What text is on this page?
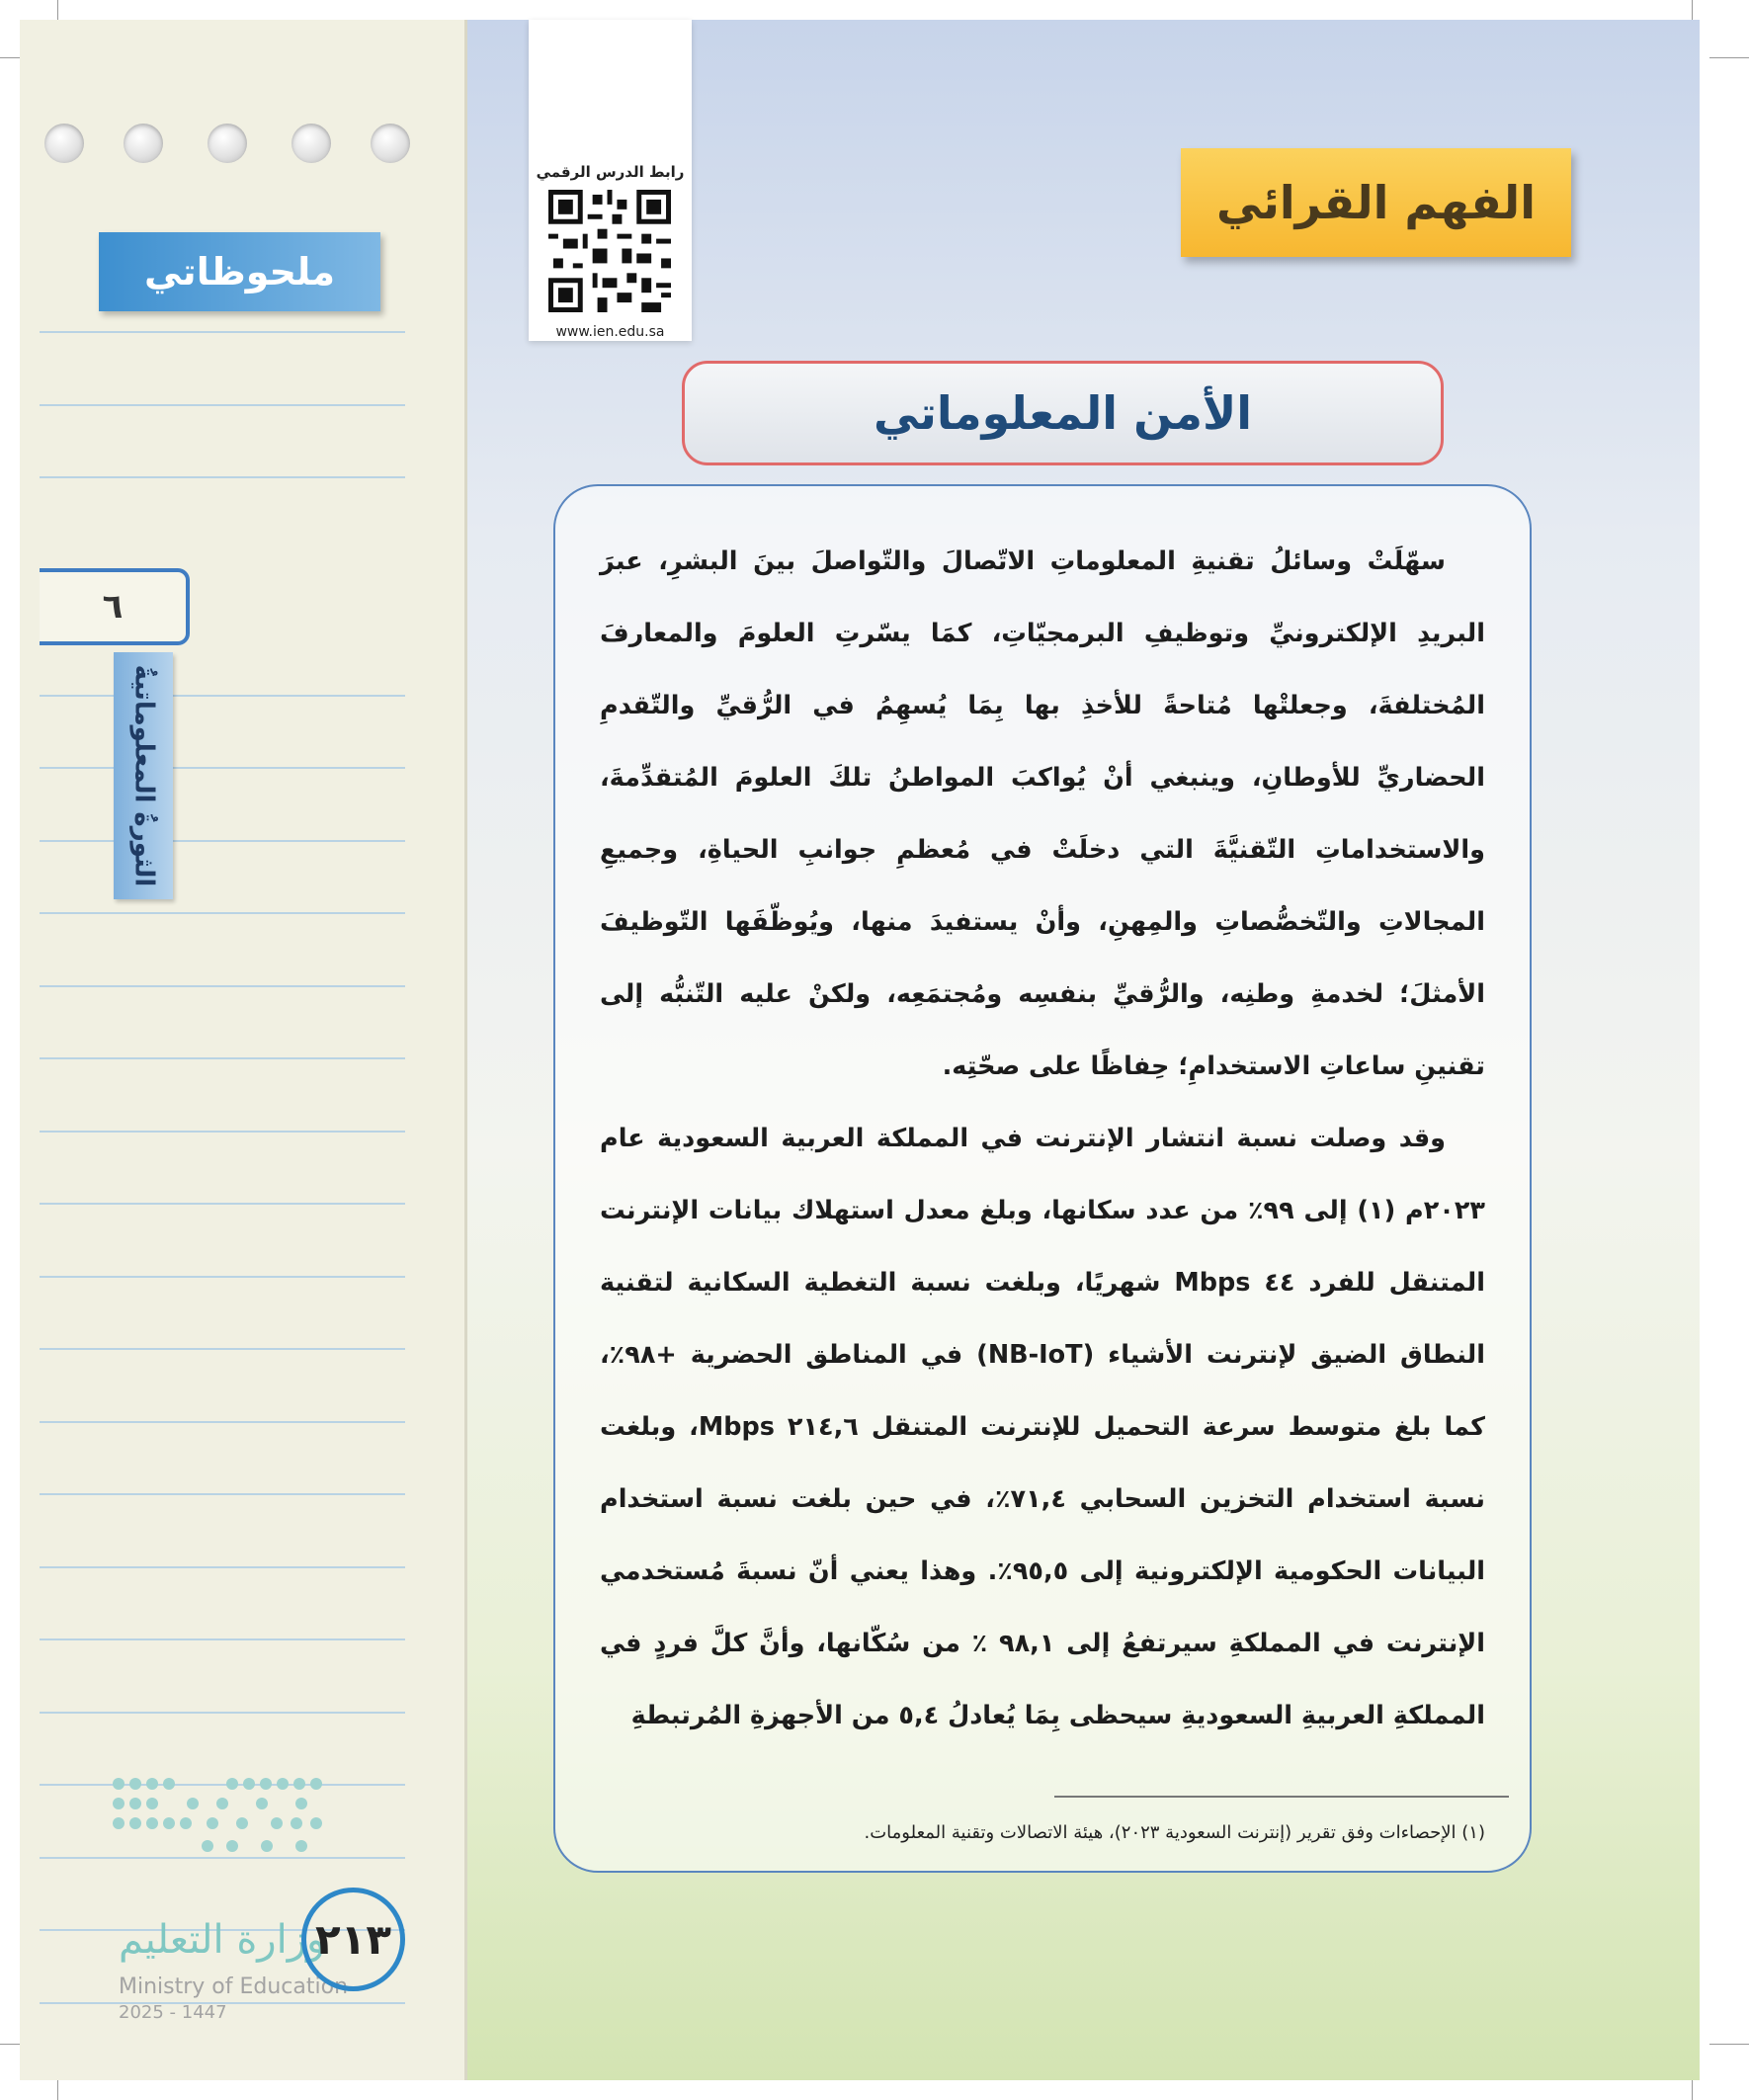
ملحوظاتي
٦
الثورةُ المعلوماتيةُ
وزارة التعليم
Ministry of Education
2025 - 1447
٢١٣
رابط الدرس الرقمي
www.ien.edu.sa
الفهم القرائي
الأمن المعلوماتي

سهّلَتْ وسائلُ تقنيةِ المعلوماتِ الاتّصالَ والتّواصلَ بينَ البشرِ، عبرَ البريدِ الإلكترونيِّ وتوظيفِ البرمجيّاتِ، كمَا يسّرتِ العلومَ والمعارفَ المُختلفةَ، وجعلتْها مُتاحةً للأخذِ بها بِمَا يُسهِمُ في الرُّقيِّ والتّقدمِ الحضاريِّ للأوطانِ، وينبغي أنْ يُواكبَ المواطنُ تلكَ العلومَ المُتقدِّمةَ، والاستخداماتِ التّقنيَّةَ التي دخلَتْ في مُعظمِ جوانبِ الحياةِ، وجميعِ المجالاتِ والتّخصُّصاتِ والمِهنِ، وأنْ يستفيدَ منها، ويُوظّفَها التّوظيفَ الأمثلَ؛ لخدمةِ وطنِه، والرُّقيِّ بنفسِه ومُجتمَعِه، ولكنْ عليه التّنبُّه إلى تقنينِ ساعاتِ الاستخدامِ؛ حِفاظًا على صحّتِه.

وقد وصلت نسبة انتشار الإنترنت في المملكة العربية السعودية عام ٢٠٢٣م (١) إلى ٩٩٪ من عدد سكانها، وبلغ معدل استهلاك بيانات الإنترنت المتنقل للفرد ٤٤ Mbps شهريًا، وبلغت نسبة التغطية السكانية لتقنية النطاق الضيق لإنترنت الأشياء (NB-IoT) في المناطق الحضرية +٩٨٪، كما بلغ متوسط سرعة التحميل للإنترنت المتنقل ٢١٤,٦ Mbps، وبلغت نسبة استخدام التخزين السحابي ٧١,٤٪، في حين بلغت نسبة استخدام البيانات الحكومية الإلكترونية إلى ٩٥,٥٪. وهذا يعني أنّ نسبةَ مُستخدمي الإنترنت في المملكةِ سيرتفعُ إلى ٩٨,١ ٪ من سُكّانها، وأنَّ كلَّ فردٍ في المملكةِ العربيةِ السعوديةِ سيحظى بِمَا يُعادلُ ٥,٤ من الأجهزةِ المُرتبطةِ

(١) الإحصاءات وفق تقرير (إنترنت السعودية ٢٠٢٣)، هيئة الاتصالات وتقنية المعلومات.
